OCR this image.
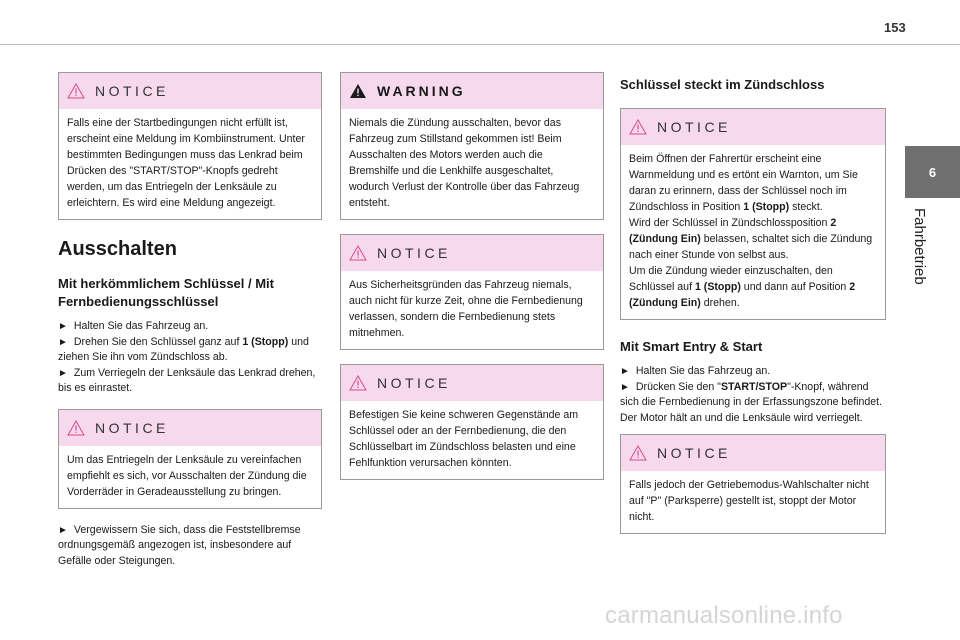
153
6
Fahrbetrieb
NOTICE
Falls eine der Startbedingungen nicht erfüllt ist, erscheint eine Meldung im Kombiinstrument. Unter bestimmten Bedingungen muss das Lenkrad beim Drücken des "START/STOP"-Knopfs gedreht werden, um das Entriegeln der Lenksäule zu erleichtern. Es wird eine Meldung angezeigt.
Ausschalten
Mit herkömmlichem Schlüssel / Mit Fernbedienungsschlüssel

► Halten Sie das Fahrzeug an.

► Drehen Sie den Schlüssel ganz auf 1 (Stopp) und ziehen Sie ihn vom Zündschloss ab.

► Zum Verriegeln der Lenksäule das Lenkrad drehen, bis es einrastet.

NOTICE
Um das Entriegeln der Lenksäule zu vereinfachen empfiehlt es sich, vor Ausschalten der Zündung die Vorderräder in Geradeausstellung zu bringen.

► Vergewissern Sie sich, dass die Feststellbremse ordnungsgemäß angezogen ist, insbesondere auf Gefälle oder Steigungen.

WARNING
Niemals die Zündung ausschalten, bevor das Fahrzeug zum Stillstand gekommen ist! Beim Ausschalten des Motors werden auch die Bremshilfe und die Lenkhilfe ausgeschaltet, wodurch Verlust der Kontrolle über das Fahrzeug entsteht.
NOTICE
Aus Sicherheitsgründen das Fahrzeug niemals, auch nicht für kurze Zeit, ohne die Fernbedienung verlassen, sondern die Fernbedienung stets mitnehmen.
NOTICE
Befestigen Sie keine schweren Gegenstände am Schlüssel oder an der Fernbedienung, die den Schlüsselbart im Zündschloss belasten und eine Fehlfunktion verursachen könnten.
Schlüssel steckt im Zündschloss
NOTICE
Beim Öffnen der Fahrertür erscheint eine Warnmeldung und es ertönt ein Warnton, um Sie daran zu erinnern, dass der Schlüssel noch im Zündschloss in Position 1 (Stopp) steckt.
Wird der Schlüssel in Zündschlossposition 2 (Zündung Ein) belassen, schaltet sich die Zündung nach einer Stunde von selbst aus.
Um die Zündung wieder einzuschalten, den Schlüssel auf 1 (Stopp) und dann auf Position 2 (Zündung Ein) drehen.
Mit Smart Entry & Start

► Halten Sie das Fahrzeug an.

► Drücken Sie den "START/STOP"-Knopf, während sich die Fernbedienung in der Erfassungszone befindet.

Der Motor hält an und die Lenksäule wird verriegelt.

NOTICE
Falls jedoch der Getriebemodus-Wahlschalter nicht auf "P" (Parksperre) gestellt ist, stoppt der Motor nicht.
carmanualsonline.info
